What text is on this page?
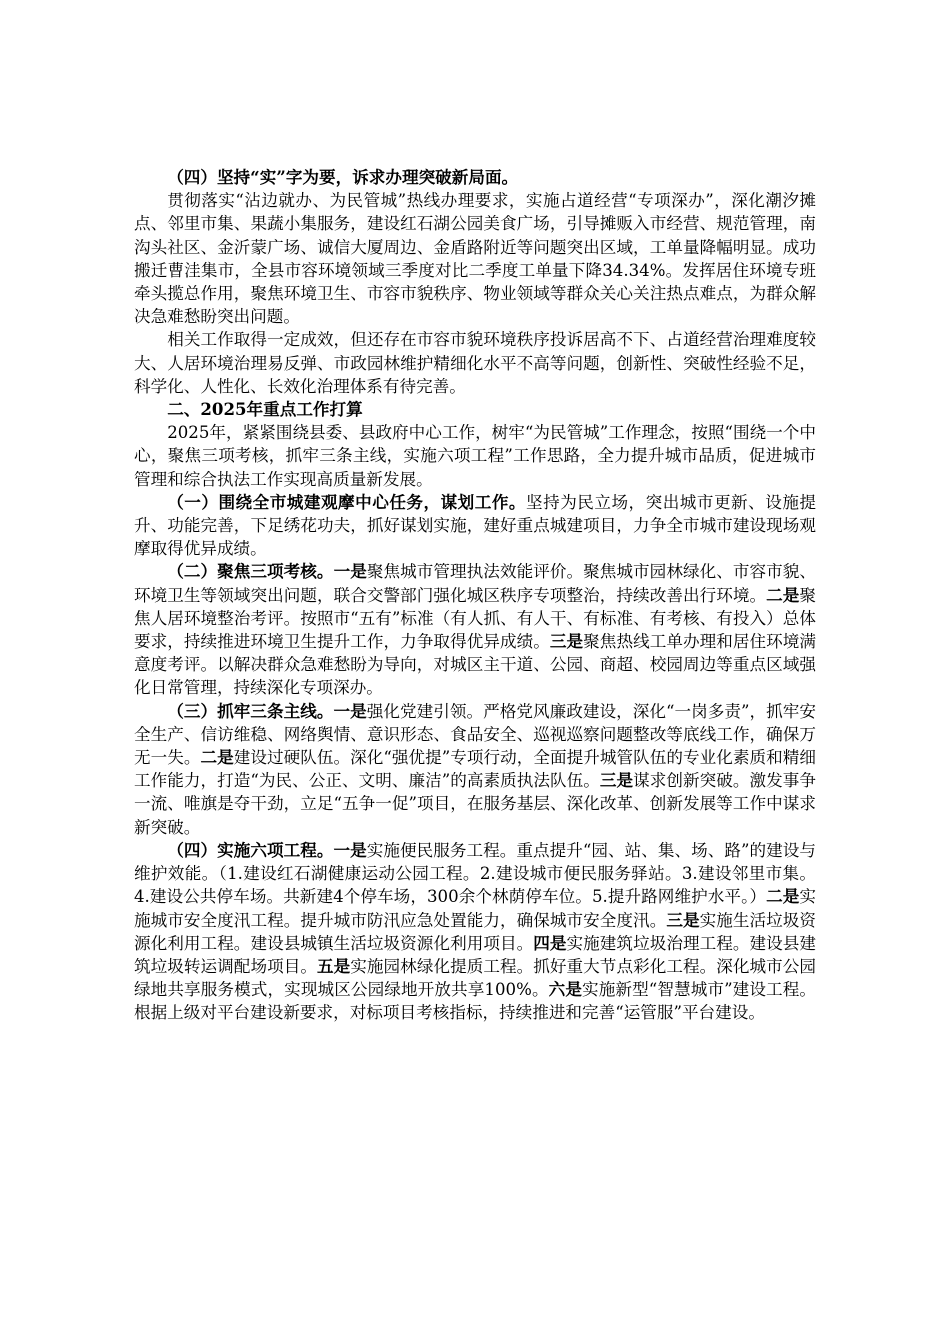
（四）坚持“实”字为要，诉求办理突破新局面。

贯彻落实“沾边就办、为民管城”热线办理要求，实施占道经营“专项深办”，深化潮汐摊点、邻里市集、果蔬小集服务，建设红石湖公园美食广场，引导摊贩入市经营、规范管理，南沟头社区、金沂蒙广场、诚信大厦周边、金盾路附近等问题突出区域，工单量降幅明显。成功搬迁曹洼集市，全县市容环境领域三季度对比二季度工单量下降34.34%。发挥居住环境专班牵头揽总作用，聚焦环境卫生、市容市貌秩序、物业领域等群众关心关注热点难点，为群众解决急难愁盼突出问题。

相关工作取得一定成效，但还存在市容市貌环境秩序投诉居高不下、占道经营治理难度较大、人居环境治理易反弹、市政园林维护精细化水平不高等问题，创新性、突破性经验不足，科学化、人性化、长效化治理体系有待完善。

二、2025年重点工作打算

2025年，紧紧围绕县委、县政府中心工作，树牢“为民管城”工作理念，按照“围绕一个中心，聚焦三项考核，抓牢三条主线，实施六项工程”工作思路，全力提升城市品质，促进城市管理和综合执法工作实现高质量新发展。

（一）围绕全市城建观摩中心任务，谋划工作。坚持为民立场，突出城市更新、设施提升、功能完善，下足绣花功夫，抓好谋划实施，建好重点城建项目，力争全市城市建设现场观摩取得优异成绩。

（二）聚焦三项考核。一是聚焦城市管理执法效能评价。聚焦城市园林绿化、市容市貌、环境卫生等领域突出问题，联合交警部门强化城区秩序专项整治，持续改善出行环境。二是聚焦人居环境整治考评。按照市“五有”标准（有人抓、有人干、有标准、有考核、有投入）总体要求，持续推进环境卫生提升工作，力争取得优异成绩。三是聚焦热线工单办理和居住环境满意度考评。以解决群众急难愁盼为导向，对城区主干道、公园、商超、校园周边等重点区域强化日常管理，持续深化专项深办。

（三）抓牢三条主线。一是强化党建引领。严格党风廉政建设，深化“一岗多责”，抓牢安全生产、信访维稳、网络舆情、意识形态、食品安全、巡视巡察问题整改等底线工作，确保万无一失。二是建设过硬队伍。深化“强优提”专项行动，全面提升城管队伍的专业化素质和精细工作能力，打造“为民、公正、文明、廉洁”的高素质执法队伍。三是谋求创新突破。激发事争一流、唯旗是夺干劲，立足“五争一促”项目，在服务基层、深化改革、创新发展等工作中谋求新突破。

（四）实施六项工程。一是实施便民服务工程。重点提升“园、站、集、场、路”的建设与维护效能。（1.建设红石湖健康运动公园工程。2.建设城市便民服务驿站。3.建设邻里市集。4.建设公共停车场。共新建4个停车场，300余个林荫停车位。5.提升路网维护水平。）二是实施城市安全度汛工程。提升城市防汛应急处置能力，确保城市安全度汛。三是实施生活垃圾资源化利用工程。建设县城镇生活垃圾资源化利用项目。四是实施建筑垃圾治理工程。建设县建筑垃圾转运调配场项目。五是实施园林绿化提质工程。抓好重大节点彩化工程。深化城市公园绿地共享服务模式，实现城区公园绿地开放共享100%。六是实施新型“智慧城市”建设工程。根据上级对平台建设新要求，对标项目考核指标，持续推进和完善“运管服”平台建设。
